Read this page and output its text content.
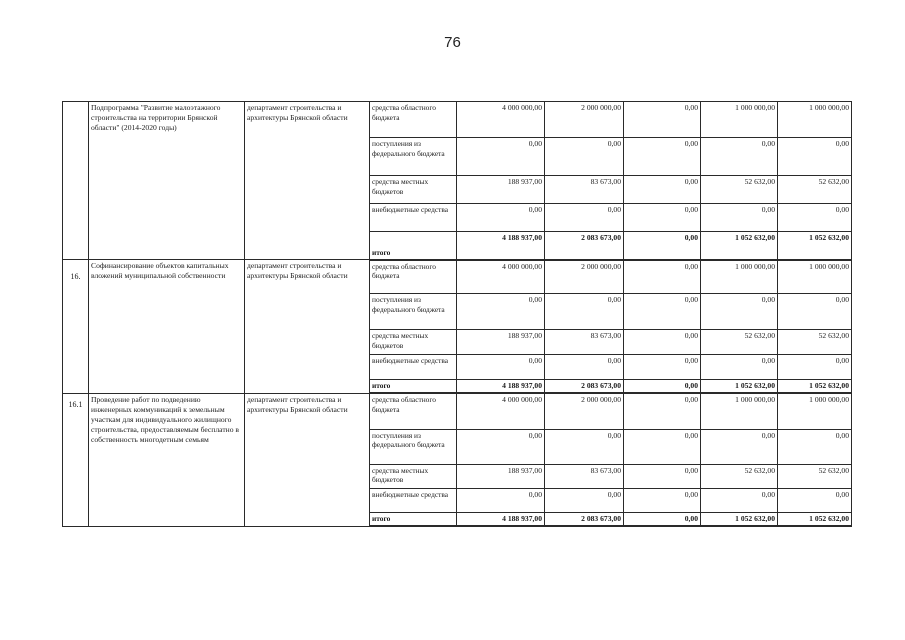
76
	Подпрограмма "Развитие малоэтажного строительства на территории Брянской области" (2014-2020 годы)	департамент строительства и архитектуры Брянской области	средства областного бюджета	4 000 000,00	2 000 000,00	0,00	1 000 000,00	1 000 000,00
			поступления из федерального бюджета	0,00	0,00	0,00	0,00	0,00
			средства местных бюджетов	188 937,00	83 673,00	0,00	52 632,00	52 632,00
			внебюджетные средства	0,00	0,00	0,00	0,00	0,00
			итого	4 188 937,00	2 083 673,00	0,00	1 052 632,00	1 052 632,00
16.	Софинансирование объектов капитальных вложений муниципальной собственности	департамент строительства и архитектуры Брянской области	средства областного бюджета	4 000 000,00	2 000 000,00	0,00	1 000 000,00	1 000 000,00
			поступления из федерального бюджета	0,00	0,00	0,00	0,00	0,00
			средства местных бюджетов	188 937,00	83 673,00	0,00	52 632,00	52 632,00
			внебюджетные средства	0,00	0,00	0,00	0,00	0,00
			итого	4 188 937,00	2 083 673,00	0,00	1 052 632,00	1 052 632,00
16.1	Проведение работ по подведению инженерных коммуникаций к земельным участкам для индивидуального жилищного строительства, предоставляемым бесплатно в собственность многодетным семьям	департамент строительства и архитектуры Брянской области	средства областного бюджета	4 000 000,00	2 000 000,00	0,00	1 000 000,00	1 000 000,00
			поступления из федерального бюджета	0,00	0,00	0,00	0,00	0,00
			средства местных бюджетов	188 937,00	83 673,00	0,00	52 632,00	52 632,00
			внебюджетные средства	0,00	0,00	0,00	0,00	0,00
			итого	4 188 937,00	2 083 673,00	0,00	1 052 632,00	1 052 632,00
